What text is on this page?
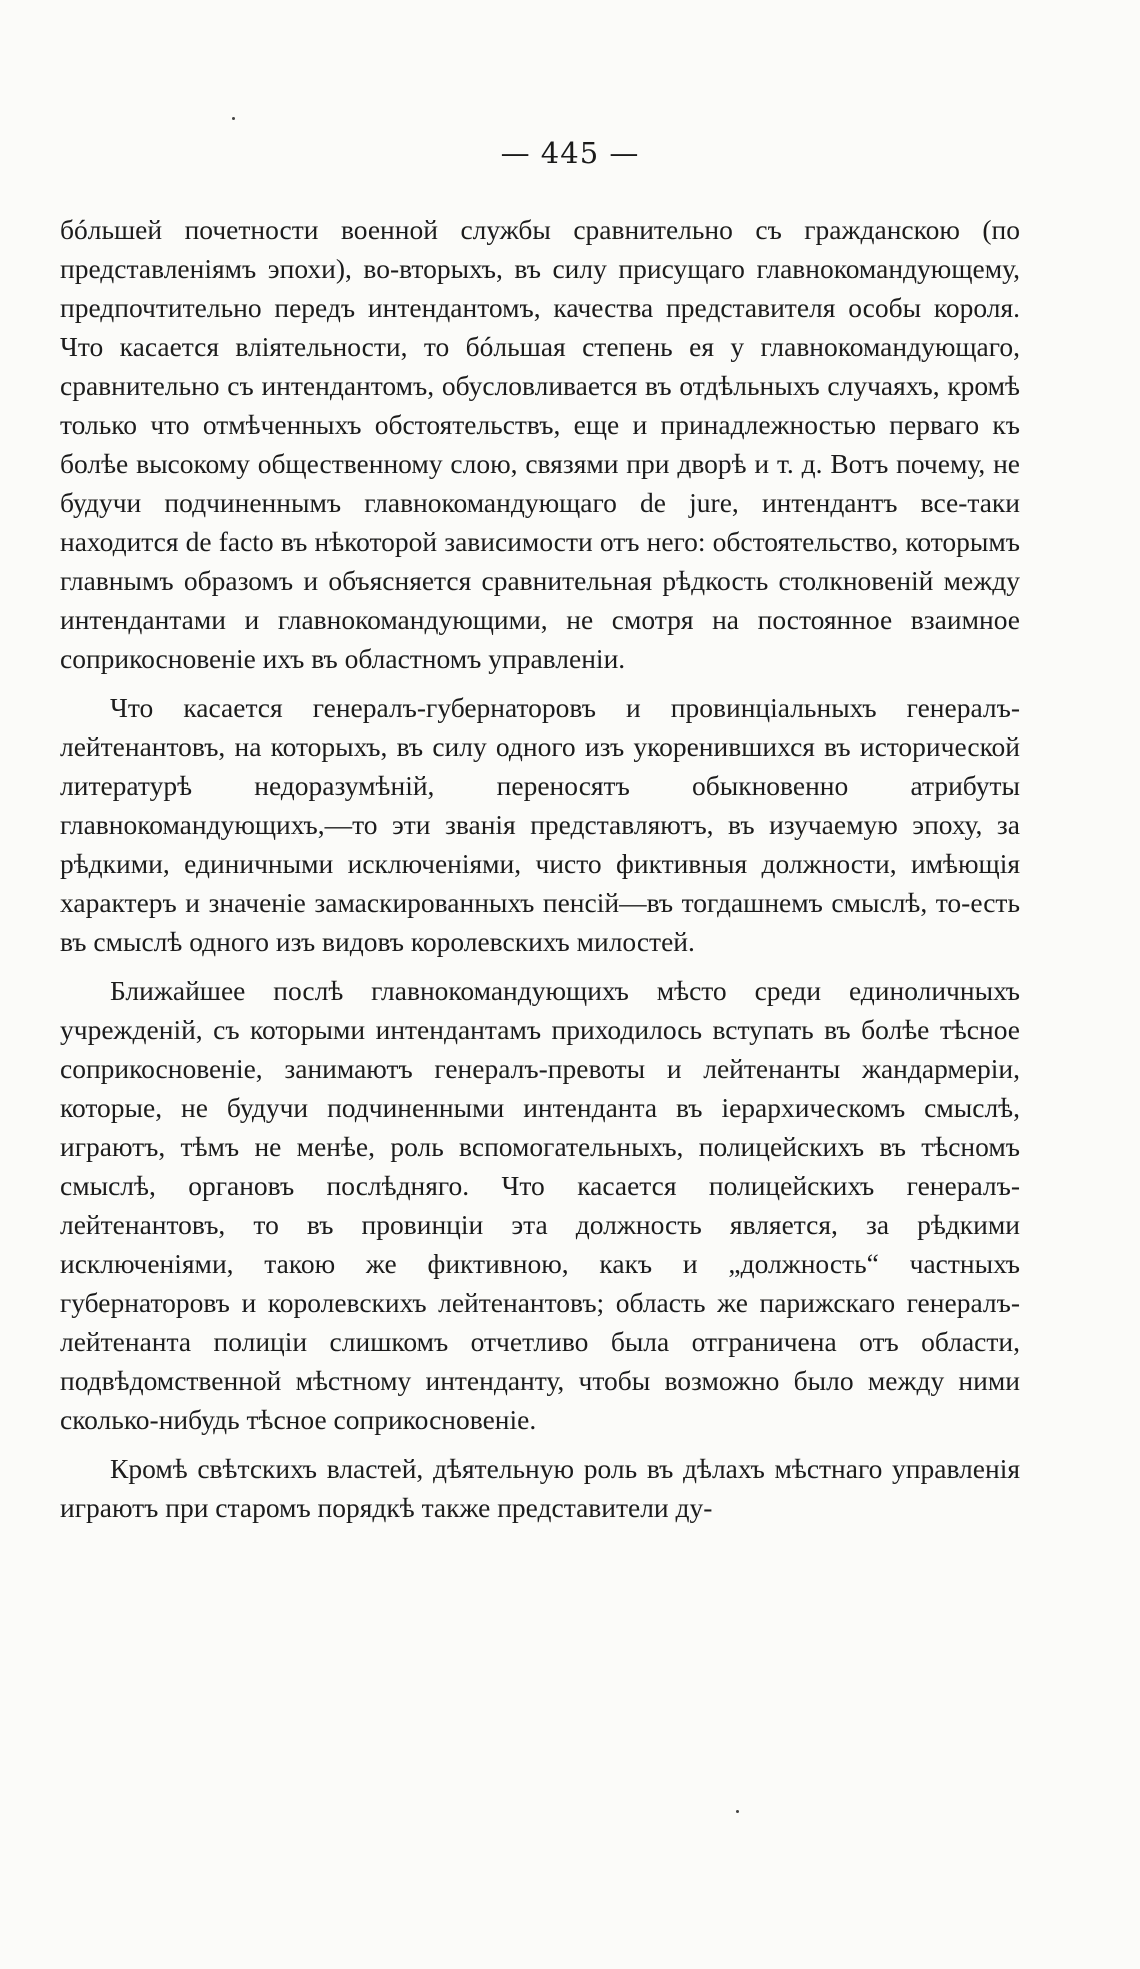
— 445 —

бóльшей почетности военной службы сравнительно съ гражданскою (по представленіямъ эпохи), во-вторыхъ, въ силу присущаго главнокомандующему, предпочтительно передъ интендантомъ, качества представителя особы короля. Что касается вліятельности, то бóльшая степень ея у главнокомандующаго, сравнительно съ интендантомъ, обусловливается въ отдѣльныхъ случаяхъ, кромѣ только что отмѣченныхъ обстоятельствъ, еще и принадлежностью перваго къ болѣе высокому общественному слою, связями при дворѣ и т. д. Вотъ почему, не будучи подчиненнымъ главнокомандующаго de jure, интендантъ все-таки находится de facto въ нѣкоторой зависимости отъ него: обстоятельство, которымъ главнымъ образомъ и объясняется сравнительная рѣдкость столкновеній между интендантами и главнокомандующими, не смотря на постоянное взаимное соприкосновеніе ихъ въ областномъ управленіи.

Что касается генералъ-губернаторовъ и провинціальныхъ генералъ-лейтенантовъ, на которыхъ, въ силу одного изъ укоренившихся въ исторической литературѣ недоразумѣній, переносятъ обыкновенно атрибуты главнокомандующихъ,—то эти званія представляютъ, въ изучаемую эпоху, за рѣдкими, единичными исключеніями, чисто фиктивныя должности, имѣющія характеръ и значеніе замаскированныхъ пенсій—въ тогдашнемъ смыслѣ, то-есть въ смыслѣ одного изъ видовъ королевскихъ милостей.

Ближайшее послѣ главнокомандующихъ мѣсто среди единоличныхъ учрежденій, съ которыми интендантамъ приходилось вступать въ болѣе тѣсное соприкосновеніе, занимаютъ генералъ-превоты и лейтенанты жандармеріи, которые, не будучи подчиненными интенданта въ іерархическомъ смыслѣ, играютъ, тѣмъ не менѣе, роль вспомогательныхъ, полицейскихъ въ тѣсномъ смыслѣ, органовъ послѣдняго. Что касается полицейскихъ генералъ-лейтенантовъ, то въ провинціи эта должность является, за рѣдкими исключеніями, такою же фиктивною, какъ и „должность“ частныхъ губернаторовъ и королевскихъ лейтенантовъ; область же парижскаго генералъ-лейтенанта полиціи слишкомъ отчетливо была отграничена отъ области, подвѣдомственной мѣстному интенданту, чтобы возможно было между ними сколько-нибудь тѣсное соприкосновеніе.

Кромѣ свѣтскихъ властей, дѣятельную роль въ дѣлахъ мѣстнаго управленія играютъ при старомъ порядкѣ также представители ду-
